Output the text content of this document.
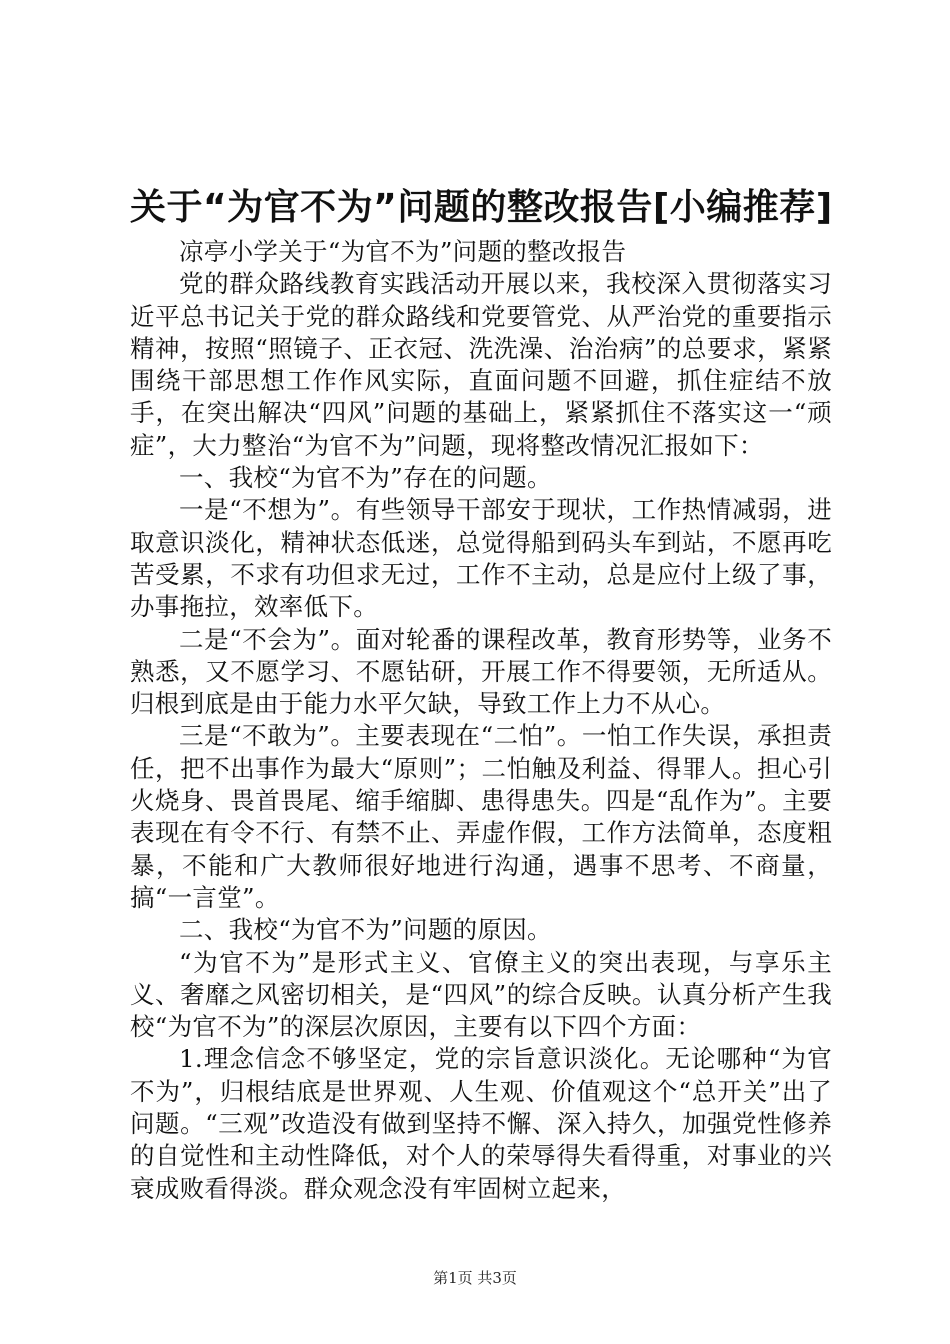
关于“为官不为”问题的整改报告[小编推荐]

凉亭小学关于“为官不为”问题的整改报告

党的群众路线教育实践活动开展以来，我校深入贯彻落实习近平总书记关于党的群众路线和党要管党、从严治党的重要指示精神，按照“照镜子、正衣冠、洗洗澡、治治病”的总要求，紧紧围绕干部思想工作作风实际，直面问题不回避，抓住症结不放手，在突出解决“四风”问题的基础上，紧紧抓住不落实这一“顽症”，大力整治“为官不为”问题，现将整改情况汇报如下：

一、我校“为官不为”存在的问题。

一是“不想为”。有些领导干部安于现状，工作热情减弱，进取意识淡化，精神状态低迷，总觉得船到码头车到站，不愿再吃苦受累，不求有功但求无过，工作不主动，总是应付上级了事，办事拖拉，效率低下。

二是“不会为”。面对轮番的课程改革，教育形势等，业务不熟悉，又不愿学习、不愿钻研，开展工作不得要领，无所适从。归根到底是由于能力水平欠缺，导致工作上力不从心。

三是“不敢为”。主要表现在“二怕”。一怕工作失误，承担责任，把不出事作为最大“原则”；二怕触及利益、得罪人。担心引火烧身、畏首畏尾、缩手缩脚、患得患失。四是“乱作为”。主要表现在有令不行、有禁不止、弄虚作假，工作方法简单，态度粗暴，不能和广大教师很好地进行沟通，遇事不思考、不商量，搞“一言堂”。

二、我校“为官不为”问题的原因。

“为官不为”是形式主义、官僚主义的突出表现，与享乐主义、奢靡之风密切相关，是“四风”的综合反映。认真分析产生我校“为官不为”的深层次原因，主要有以下四个方面：

1.理念信念不够坚定，党的宗旨意识淡化。无论哪种“为官不为”，归根结底是世界观、人生观、价值观这个“总开关”出了问题。“三观”改造没有做到坚持不懈、深入持久，加强党性修养的自觉性和主动性降低，对个人的荣辱得失看得重，对事业的兴衰成败看得淡。群众观念没有牢固树立起来，

第1页 共3页
